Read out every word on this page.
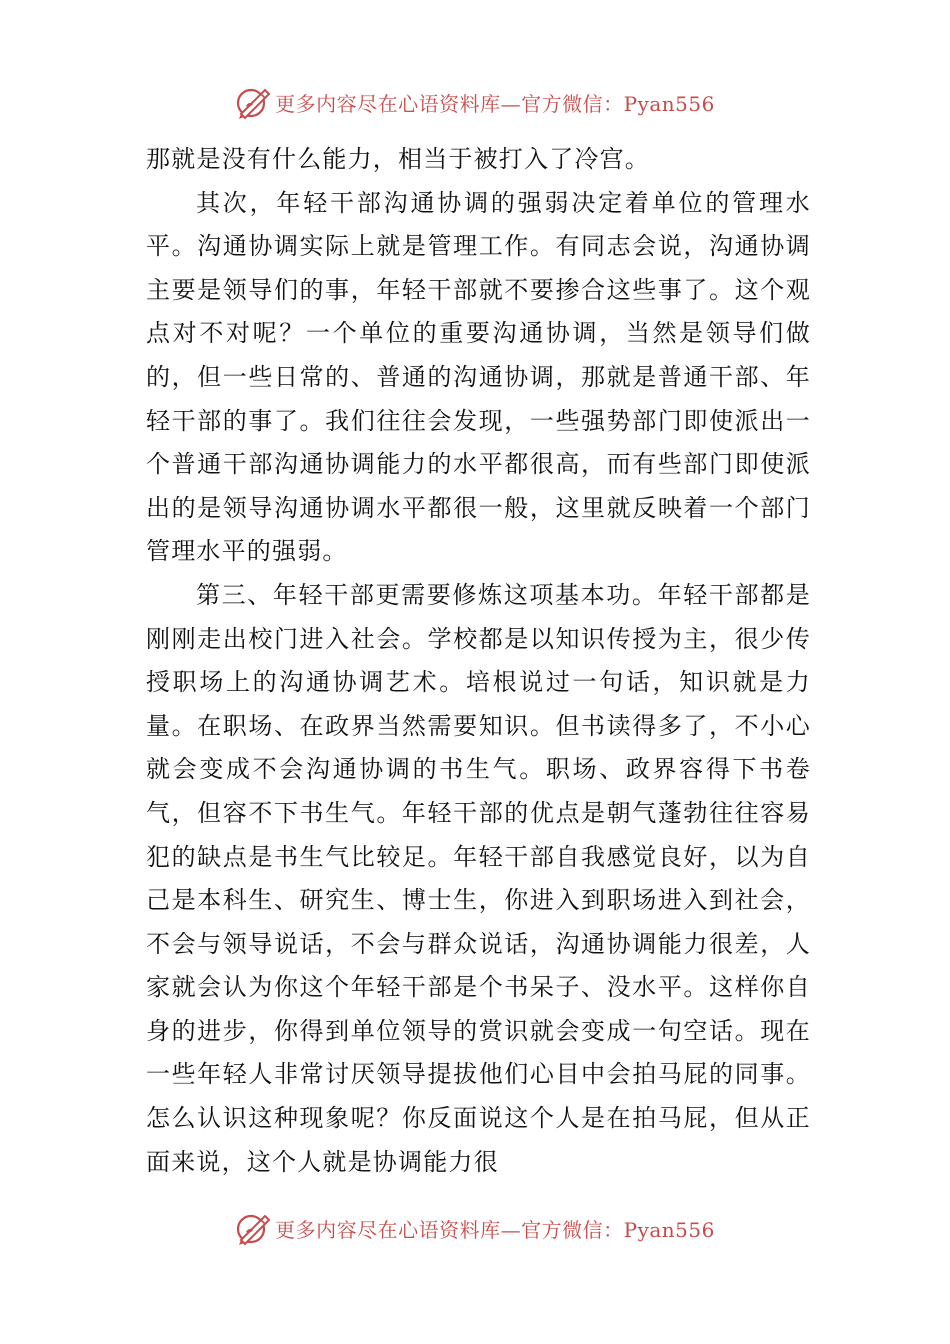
更多内容尽在心语资料库—官方微信：Pyan556

那就是没有什么能力，相当于被打入了冷宫。

其次，年轻干部沟通协调的强弱决定着单位的管理水平。沟通协调实际上就是管理工作。有同志会说，沟通协调主要是领导们的事，年轻干部就不要掺合这些事了。这个观点对不对呢？一个单位的重要沟通协调，当然是领导们做的，但一些日常的、普通的沟通协调，那就是普通干部、年轻干部的事了。我们往往会发现，一些强势部门即使派出一个普通干部沟通协调能力的水平都很高，而有些部门即使派出的是领导沟通协调水平都很一般，这里就反映着一个部门管理水平的强弱。

第三、年轻干部更需要修炼这项基本功。年轻干部都是刚刚走出校门进入社会。学校都是以知识传授为主，很少传授职场上的沟通协调艺术。培根说过一句话，知识就是力量。在职场、在政界当然需要知识。但书读得多了，不小心就会变成不会沟通协调的书生气。职场、政界容得下书卷气，但容不下书生气。年轻干部的优点是朝气蓬勃往往容易犯的缺点是书生气比较足。年轻干部自我感觉良好，以为自己是本科生、研究生、博士生，你进入到职场进入到社会，不会与领导说话，不会与群众说话，沟通协调能力很差，人家就会认为你这个年轻干部是个书呆子、没水平。这样你自身的进步，你得到单位领导的赏识就会变成一句空话。现在一些年轻人非常讨厌领导提拔他们心目中会拍马屁的同事。怎么认识这种现象呢？你反面说这个人是在拍马屁，但从正面来说，这个人就是协调能力很

更多内容尽在心语资料库—官方微信：Pyan556
